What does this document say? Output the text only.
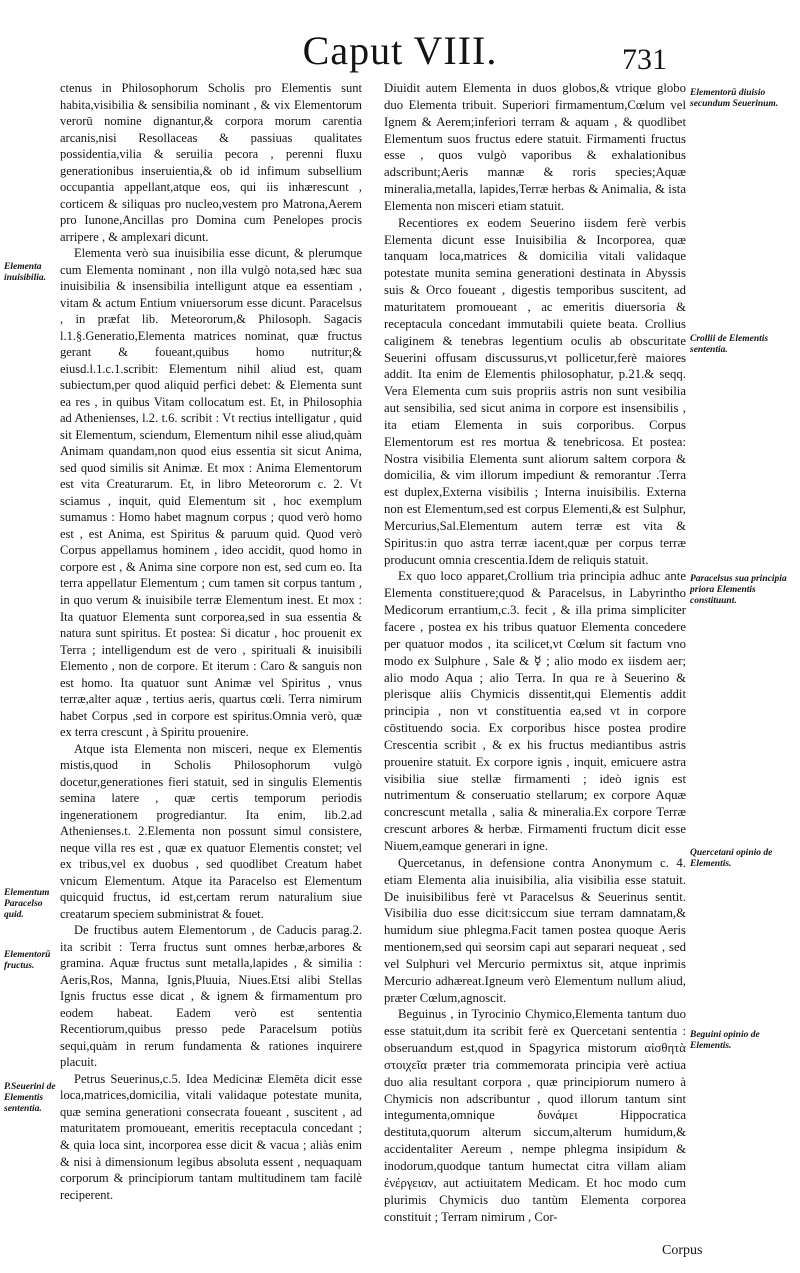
Caput VIII.	731

ctenus in Philosophorum Scholis pro Elementis sunt habita,visibilia & sensibilia nominant , & vix Elementorum verorū nomine dignantur,& corpora morum carentia arcanis,nisi Resollaceas & passiuas qualitates possidentia,vilia & seruilia pecora , perenni fluxu generationibus inseruientia,& ob id infimum subsellium occupantia appellant,atque eos, qui iis inhærescunt , corticem & siliquas pro nucleo,vestem pro Matrona,Aerem pro Iunone,Ancillas pro Domina cum Penelopes procis arripere , & amplexari dicunt.

Elementa verò sua inuisibilia esse dicunt, & plerumque cum Elementa nominant , non illa vulgò nota,sed hæc sua inuisibilia & insensibilia intelligunt atque ea essentiam , vitam & actum Entium vniuersorum esse dicunt. Paracelsus , in præfat lib. Meteororum,& Philosoph. Sagacis l.1.§.Generatio,Elementa matrices nominat, quæ fructus gerant & foueant,quibus homo nutritur;& eiusd.l.1.c.1.scribit: Elementum nihil aliud est, quam subiectum,per quod aliquid perfici debet: & Elementa sunt ea res , in quibus Vitam collocatum est. Et, in Philosophia ad Athenienses, l.2. t.6. scribit : Vt rectius intelligatur , quid sit Elementum, sciendum, Elementum nihil esse aliud,quàm Animam quandam,non quod eius essentia sit sicut Anima, sed quod similis sit Animæ. Et mox : Anima Elementorum est vita Creaturarum. Et, in libro Meteororum c. 2. Vt sciamus , inquit, quid Elementum sit , hoc exemplum sumamus : Homo habet magnum corpus ; quod verò homo est , est Anima, est Spiritus & paruum quid. Quod verò Corpus appellamus hominem , ideo accidit, quod homo in corpore est , & Anima sine corpore non est, sed cum eo. Ita terra appellatur Elementum ; cum tamen sit corpus tantum , in quo verum & inuisibile terræ Elementum inest. Et mox : Ita quatuor Elementa sunt corporea,sed in sua essentia & natura sunt spiritus. Et postea: Si dicatur , hoc prouenit ex Terra ; intelligendum est de vero , spirituali & inuisibili Elemento , non de corpore. Et iterum : Caro & sanguis non est homo. Ita quatuor sunt Animæ vel Spiritus , vnus terræ,alter aquæ , tertius aeris, quartus cœli. Terra nimirum habet Corpus ,sed in corpore est spiritus.Omnia verò, quæ ex terra crescunt , à Spiritu prouenire.

Atque ista Elementa non misceri, neque ex Elementis mistis,quod in Scholis Philosophorum vulgò docetur,generationes fieri statuit, sed in singulis Elementis semina latere , quæ certis temporum periodis ingenerationem progrediantur. Ita enim, lib.2.ad Athenienses.t. 2.Elementa non possunt simul consistere, neque villa res est , quæ ex quatuor Elementis constet; vel ex tribus,vel ex duobus , sed quodlibet Creatum habet vnicum Elementum. Atque ita Paracelso est Elementum quicquid fructus, id est,certam rerum naturalium siue creatarum speciem subministrat & fouet.

De fructibus autem Elementorum , de Caducis parag.2. ita scribit : Terra fructus sunt omnes herbæ,arbores & gramina. Aquæ fructus sunt metalla,lapides , & similia : Aeris,Ros, Manna, Ignis,Pluuia, Niues.Etsi alibi Stellas Ignis fructus esse dicat , & ignem & firmamentum pro eodem habeat. Eadem verò est sententia Recentiorum,quibus presso pede Paracelsum potiùs sequi,quàm in rerum fundamenta & rationes inquirere placuit.

Petrus Seuerinus,c.5. Idea Medicinæ Elemēta dicit esse loca,matrices,domicilia, vitali validaque potestate munita, quæ semina generationi consecrata foueant , suscitent , ad maturitatem promoueant, emeritis receptacula concedant ; & quia loca sint, incorporea esse dicit & vacua ; aliàs enim & nisi à dimensionum legibus absoluta essent , nequaquam corporum & principiorum tantam multitudinem tam facilè reciperent.

Diuidit autem Elementa in duos globos,& vtrique globo duo Elementa tribuit. Superiori firmamentum,Cœlum vel Ignem & Aerem;inferiori terram & aquam , & quodlibet Elementum suos fructus edere statuit. Firmamenti fructus esse , quos vulgò vaporibus & exhalationibus adscribunt;Aeris mannæ & roris species;Aquæ mineralia,metalla, lapides,Terræ herbas & Animalia, & ista Elementa non misceri etiam statuit.

Recentiores ex eodem Seuerino iisdem ferè verbis Elementa dicunt esse Inuisibilia & Incorporea, quæ tanquam loca,matrices & domicilia vitali validaque potestate munita semina generationi destinata in Abyssis suis & Orco foueant , digestis temporibus suscitent, ad maturitatem promoueant , ac emeritis diuersoria & receptacula concedant immutabili quiete beata. Crollius caliginem & tenebras legentium oculis ab obscuritate Seuerini offusam discussurus,vt pollicetur,ferè maiores addit. Ita enim de Elementis philosophatur, p.21.& seqq. Vera Elementa cum suis propriis astris non sunt vesibilia aut sensibilia, sed sicut anima in corpore est insensibilis , ita etiam Elementa in suis corporibus. Corpus Elementorum est res mortua & tenebricosa. Et postea: Nostra visibilia Elementa sunt aliorum saltem corpora & domicilia, & vim illorum impediunt & remorantur .Terra est duplex,Externa visibilis ; Interna inuisibilis. Externa non est Elementum,sed est corpus Elementi,& est Sulphur, Mercurius,Sal.Elementum autem terræ est vita & Spiritus:in quo astra terræ iacent,quæ per corpus terræ producunt omnia crescentia.Idem de reliquis statuit.

Ex quo loco apparet,Crollium tria principia adhuc ante Elementa constituere;quod & Paracelsus, in Labyrintho Medicorum errantium,c.3. fecit , & illa prima simpliciter facere , postea ex his tribus quatuor Elementa concedere per quatuor modos , ita scilicet,vt Cœlum sit factum vno modo ex Sulphure , Sale & ☿ ; alio modo ex iisdem aer; alio modo Aqua ; alio Terra. In qua re à Seuerino & plerisque aliis Chymicis dissentit,qui Elementis addit principia , non vt constituentia ea,sed vt in corpore cōstituendo socia. Ex corporibus hisce postea prodire Crescentia scribit , & ex his fructus mediantibus astris prouenire statuit. Ex corpore ignis , inquit, emicuere astra visibilia siue stellæ firmamenti ; ideò ignis est nutrimentum & conseruatio stellarum; ex corpore Aquæ concrescunt metalla , salia & mineralia.Ex corpore Terræ crescunt arbores & herbæ. Firmamenti fructum dicit esse Niuem,eamque generari in igne.

Quercetanus, in defensione contra Anonymum c. 4. etiam Elementa alia inuisibilia, alia visibilia esse statuit. De inuisibilibus ferè vt Paracelsus & Seuerinus sentit. Visibilia duo esse dicit:siccum siue terram damnatam,& humidum siue phlegma.Facit tamen postea quoque Aeris mentionem,sed qui seorsim capi aut separari nequeat , sed vel Sulphuri vel Mercurio permixtus sit, atque inprimis Mercurio adhæreat.Igneum verò Elementum nullum aliud, præter Cœlum,agnoscit.

Beguinus , in Tyrocinio Chymico,Elementa tantum duo esse statuit,dum ita scribit ferè ex Quercetani sententia : obseruandum est,quod in Spagyrica mistorum αἰσθητὰ στοιχεῖα præter tria commemorata principia verè actiua duo alia resultant corpora , quæ principiorum numero à Chymicis non adscribuntur , quod illorum tantum sint integumenta,omnique δυνάμει Hippocratica destituta,quorum alterum siccum,alterum humidum,& accidentaliter Aereum , nempe phlegma insipidum & inodorum,quodque tantum humectat citra villam aliam ἐνέργειαν, aut actiuitatem Medicam. Et hoc modo cum plurimis Chymicis duo tantùm Elementa corporea constituit ; Terram nimirum , Cor-

Elementa inuisibilia.
Elementum Paracelso quid.
Elementorū fructus.
P.Seuerini de Elementis sententia.
Elementorū diuisio secundum Seuerinum.
Crollii de Elementis sententia.
Paracelsus sua principia priora Elementis constituunt.
Quercetani opinio de Elementis.
Beguini opinio de Elementis.
Corpus
